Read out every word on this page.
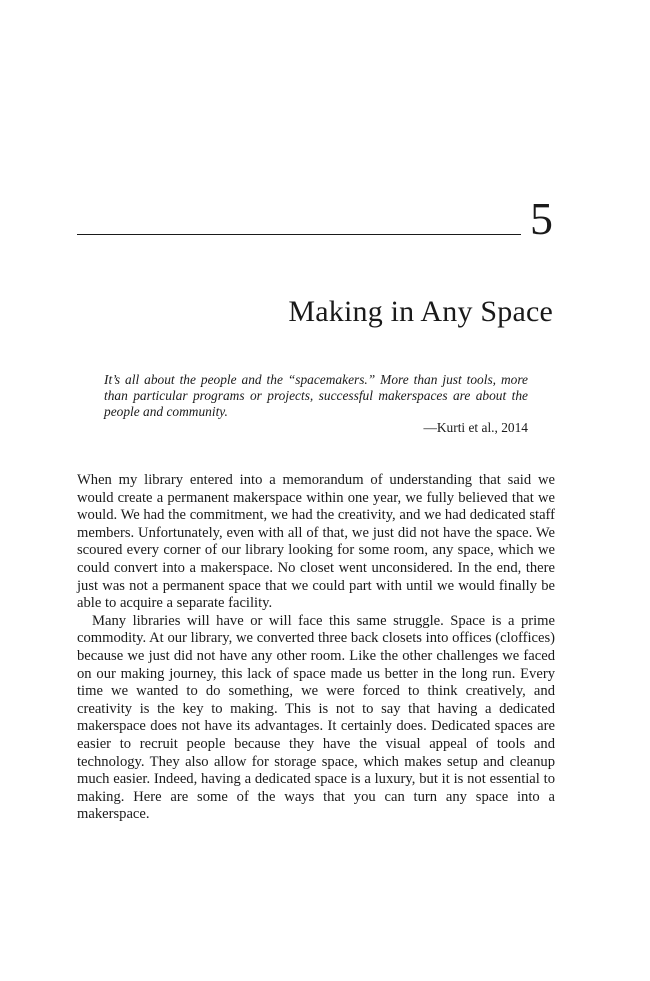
5
Making in Any Space

It’s all about the people and the “spacemakers.” More than just tools, more than particular programs or projects, successful makerspaces are about the people and community.

—Kurti et al., 2014

When my library entered into a memorandum of understanding that said we would create a permanent makerspace within one year, we fully believed that we would. We had the commitment, we had the creativity, and we had dedicated staff members. Unfortunately, even with all of that, we just did not have the space. We scoured every corner of our library looking for some room, any space, which we could convert into a makerspace. No closet went unconsidered. In the end, there just was not a permanent space that we could part with until we would finally be able to acquire a separate facility.

Many libraries will have or will face this same struggle. Space is a prime commodity. At our library, we converted three back closets into offices (cloffices) because we just did not have any other room. Like the other challenges we faced on our making journey, this lack of space made us better in the long run. Every time we wanted to do something, we were forced to think creatively, and creativity is the key to making. This is not to say that having a dedicated makerspace does not have its advantages. It certainly does. Dedicated spaces are easier to recruit people because they have the visual appeal of tools and technology. They also allow for storage space, which makes setup and cleanup much easier. Indeed, having a dedicated space is a luxury, but it is not essential to making. Here are some of the ways that you can turn any space into a makerspace.
